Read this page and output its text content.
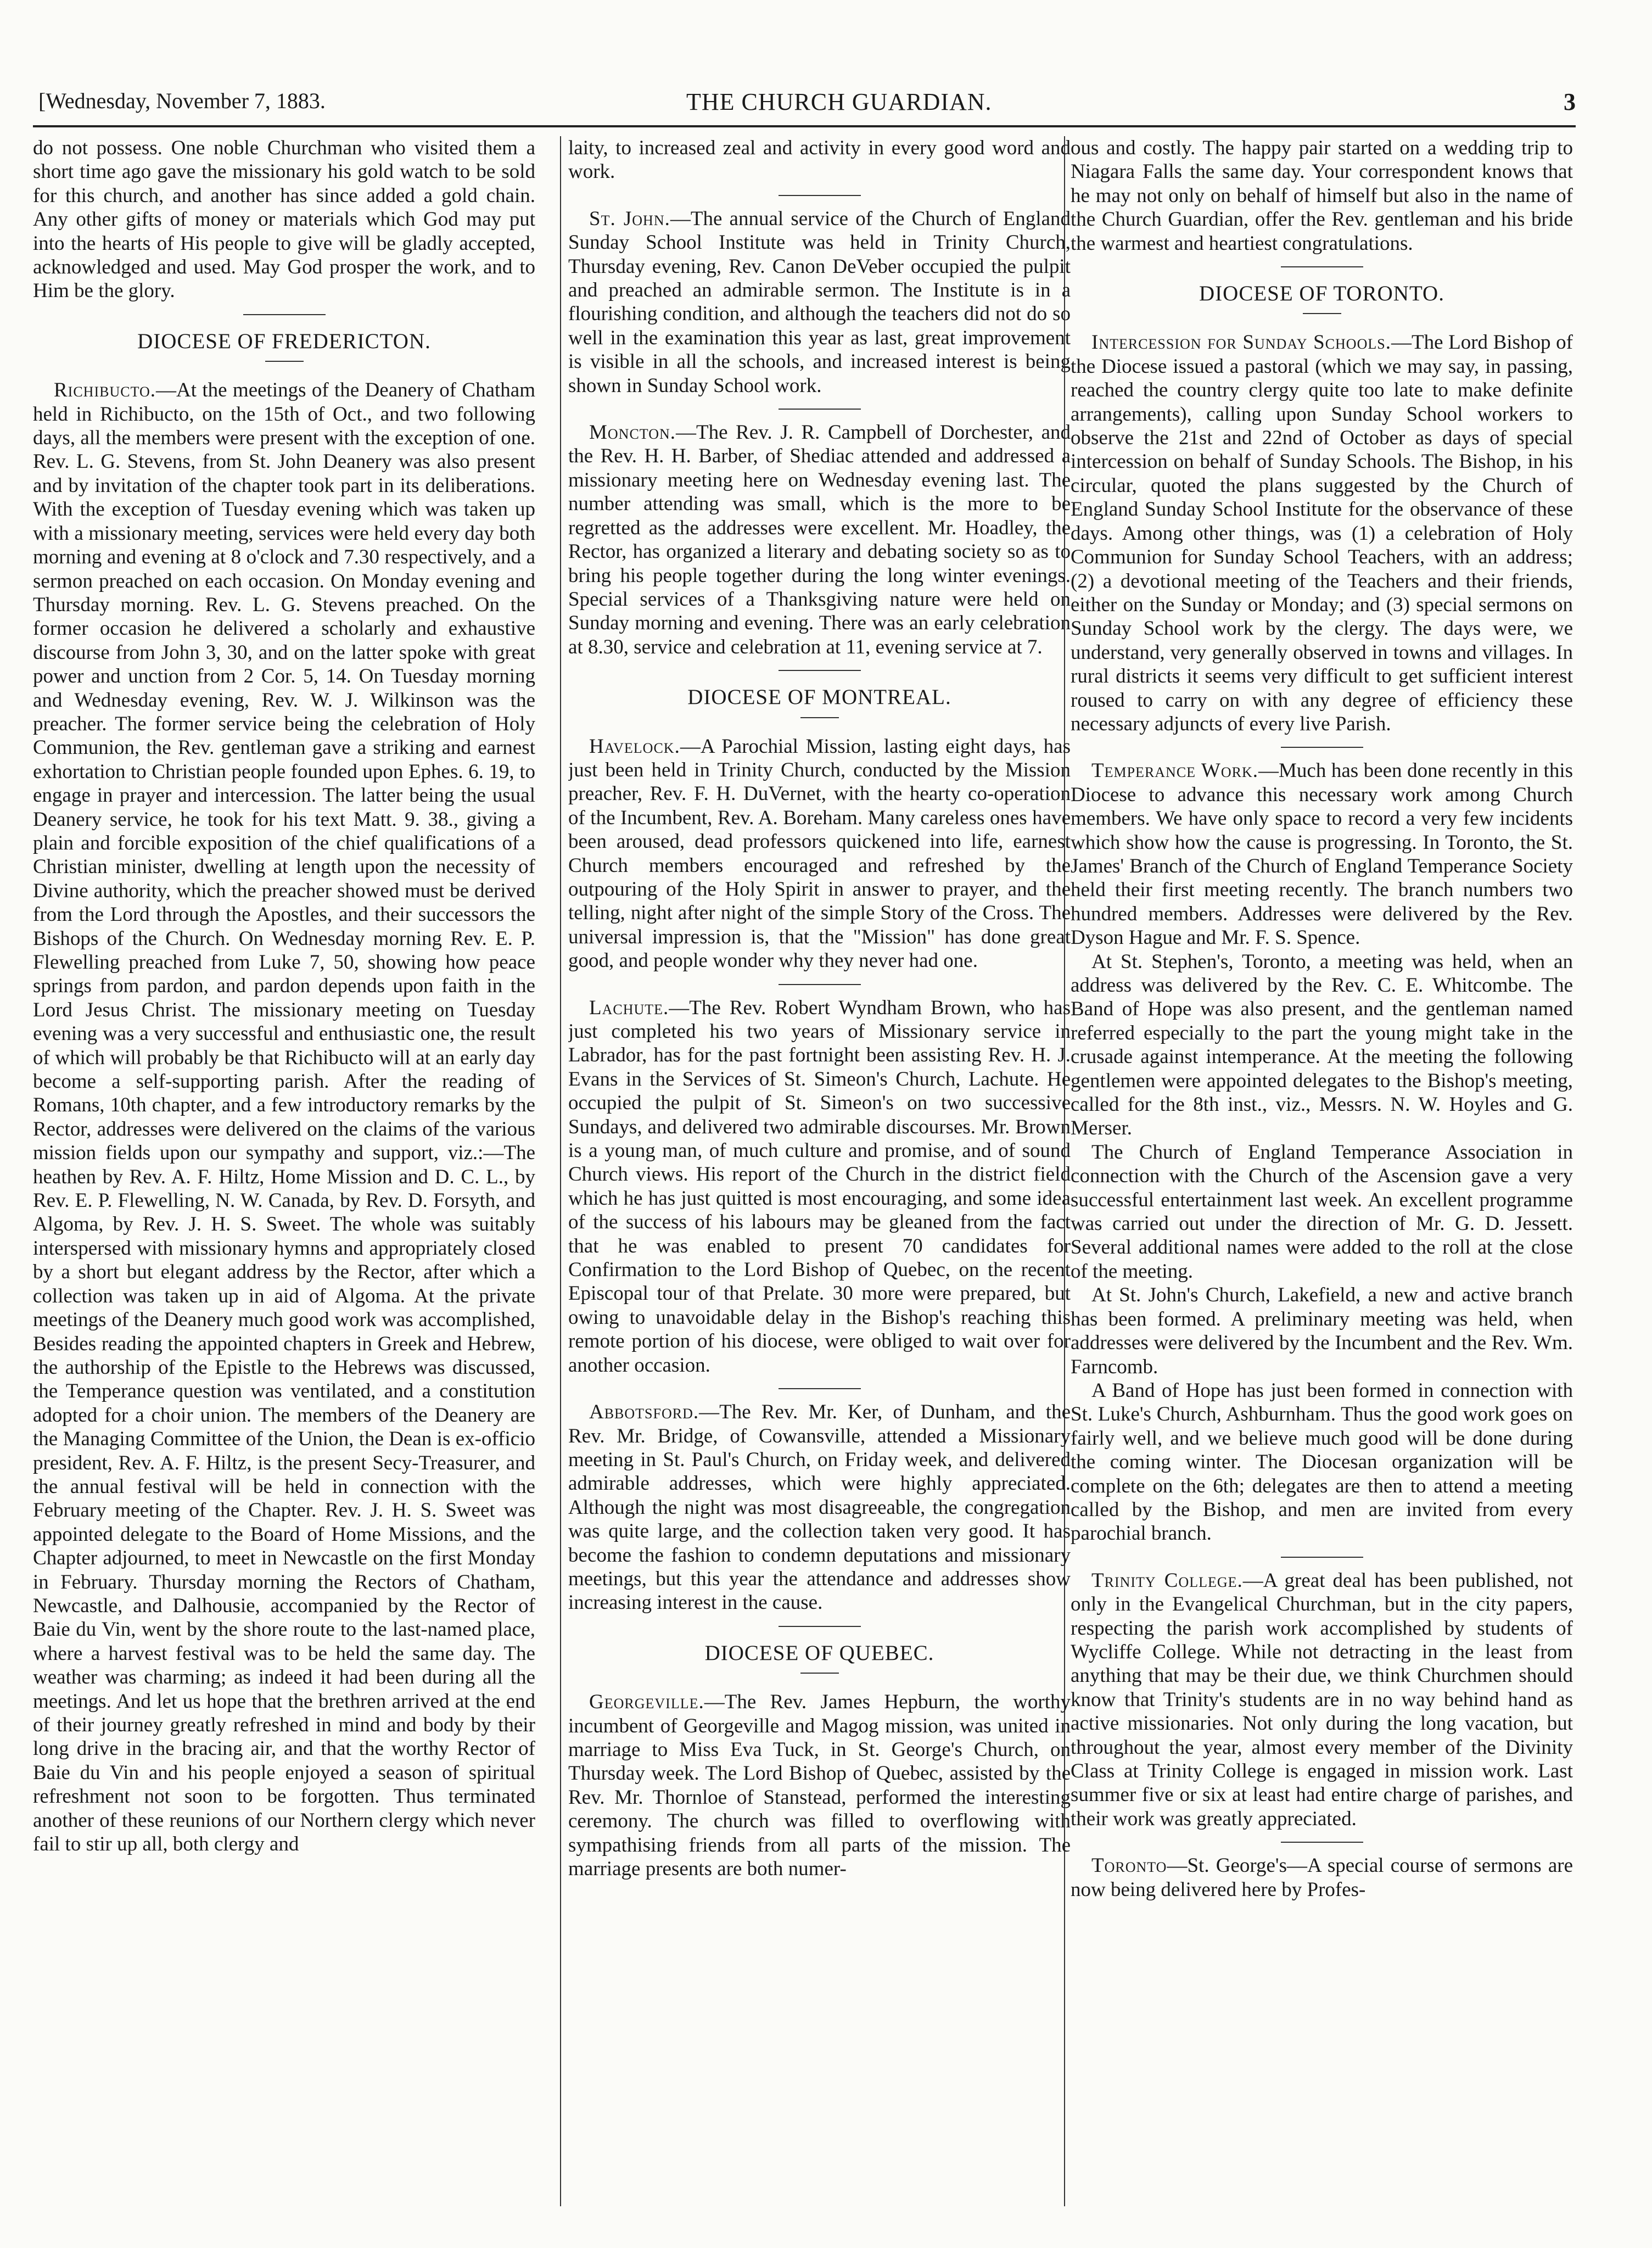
[Wednesday, November 7, 1883.	THE CHURCH GUARDIAN.	3

do not possess. One noble Churchman who visited them a short time ago gave the missionary his gold watch to be sold for this church, and another has since added a gold chain. Any other gifts of money or materials which God may put into the hearts of His people to give will be gladly accepted, acknowledged and used. May God prosper the work, and to Him be the glory.

DIOCESE OF FREDERICTON.

Richibucto.—At the meetings of the Deanery of Chatham held in Richibucto, on the 15th of Oct., and two following days, all the members were present with the exception of one. Rev. L. G. Stevens, from St. John Deanery was also present and by invitation of the chapter took part in its deliberations. With the exception of Tuesday evening which was taken up with a missionary meeting, services were held every day both morning and evening at 8 o'clock and 7.30 respectively, and a sermon preached on each occasion. On Monday evening and Thursday morning. Rev. L. G. Stevens preached. On the former occasion he delivered a scholarly and exhaustive discourse from John 3, 30, and on the latter spoke with great power and unction from 2 Cor. 5, 14. On Tuesday morning and Wednesday evening, Rev. W. J. Wilkinson was the preacher. The former service being the celebration of Holy Communion, the Rev. gentleman gave a striking and earnest exhortation to Christian people founded upon Ephes. 6. 19, to engage in prayer and intercession. The latter being the usual Deanery service, he took for his text Matt. 9. 38., giving a plain and forcible exposition of the chief qualifications of a Christian minister, dwelling at length upon the necessity of Divine authority, which the preacher showed must be derived from the Lord through the Apostles, and their successors the Bishops of the Church. On Wednesday morning Rev. E. P. Flewelling preached from Luke 7, 50, showing how peace springs from pardon, and pardon depends upon faith in the Lord Jesus Christ. The missionary meeting on Tuesday evening was a very successful and enthusiastic one, the result of which will probably be that Richibucto will at an early day become a self-supporting parish. After the reading of Romans, 10th chapter, and a few introductory remarks by the Rector, addresses were delivered on the claims of the various mission fields upon our sympathy and support, viz.:—The heathen by Rev. A. F. Hiltz, Home Mission and D. C. L., by Rev. E. P. Flewelling, N. W. Canada, by Rev. D. Forsyth, and Algoma, by Rev. J. H. S. Sweet. The whole was suitably interspersed with missionary hymns and appropriately closed by a short but elegant address by the Rector, after which a collection was taken up in aid of Algoma. At the private meetings of the Deanery much good work was accomplished, Besides reading the appointed chapters in Greek and Hebrew, the authorship of the Epistle to the Hebrews was discussed, the Temperance question was ventilated, and a constitution adopted for a choir union. The members of the Deanery are the Managing Committee of the Union, the Dean is ex-officio president, Rev. A. F. Hiltz, is the present Secy-Treasurer, and the annual festival will be held in connection with the February meeting of the Chapter. Rev. J. H. S. Sweet was appointed delegate to the Board of Home Missions, and the Chapter adjourned, to meet in Newcastle on the first Monday in February. Thursday morning the Rectors of Chatham, Newcastle, and Dalhousie, accompanied by the Rector of Baie du Vin, went by the shore route to the last-named place, where a harvest festival was to be held the same day. The weather was charming; as indeed it had been during all the meetings. And let us hope that the brethren arrived at the end of their journey greatly refreshed in mind and body by their long drive in the bracing air, and that the worthy Rector of Baie du Vin and his people enjoyed a season of spiritual refreshment not soon to be forgotten. Thus terminated another of these reunions of our Northern clergy which never fail to stir up all, both clergy and

laity, to increased zeal and activity in every good word and work.

St. John.—The annual service of the Church of England Sunday School Institute was held in Trinity Church, Thursday evening, Rev. Canon DeVeber occupied the pulpit and preached an admirable sermon. The Institute is in a flourishing condition, and although the teachers did not do so well in the examination this year as last, great improvement is visible in all the schools, and increased interest is being shown in Sunday School work.

Moncton.—The Rev. J. R. Campbell of Dorchester, and the Rev. H. H. Barber, of Shediac attended and addressed a missionary meeting here on Wednesday evening last. The number attending was small, which is the more to be regretted as the addresses were excellent. Mr. Hoadley, the Rector, has organized a literary and debating society so as to bring his people together during the long winter evenings. Special services of a Thanksgiving nature were held on Sunday morning and evening. There was an early celebration at 8.30, service and celebration at 11, evening service at 7.

DIOCESE OF MONTREAL.

Havelock.—A Parochial Mission, lasting eight days, has just been held in Trinity Church, conducted by the Mission preacher, Rev. F. H. DuVernet, with the hearty co-operation of the Incumbent, Rev. A. Boreham. Many careless ones have been aroused, dead professors quickened into life, earnest Church members encouraged and refreshed by the outpouring of the Holy Spirit in answer to prayer, and the telling, night after night of the simple Story of the Cross. The universal impression is, that the "Mission" has done great good, and people wonder why they never had one.

Lachute.—The Rev. Robert Wyndham Brown, who has just completed his two years of Missionary service in Labrador, has for the past fortnight been assisting Rev. H. J. Evans in the Services of St. Simeon's Church, Lachute. He occupied the pulpit of St. Simeon's on two successive Sundays, and delivered two admirable discourses. Mr. Brown is a young man, of much culture and promise, and of sound Church views. His report of the Church in the district field which he has just quitted is most encouraging, and some idea of the success of his labours may be gleaned from the fact that he was enabled to present 70 candidates for Confirmation to the Lord Bishop of Quebec, on the recent Episcopal tour of that Prelate. 30 more were prepared, but owing to unavoidable delay in the Bishop's reaching this remote portion of his diocese, were obliged to wait over for another occasion.

Abbotsford.—The Rev. Mr. Ker, of Dunham, and the Rev. Mr. Bridge, of Cowansville, attended a Missionary meeting in St. Paul's Church, on Friday week, and delivered admirable addresses, which were highly appreciated. Although the night was most disagreeable, the congregation was quite large, and the collection taken very good. It has become the fashion to condemn deputations and missionary meetings, but this year the attendance and addresses show increasing interest in the cause.

DIOCESE OF QUEBEC.

Georgeville.—The Rev. James Hepburn, the worthy incumbent of Georgeville and Magog mission, was united in marriage to Miss Eva Tuck, in St. George's Church, on Thursday week. The Lord Bishop of Quebec, assisted by the Rev. Mr. Thornloe of Stanstead, performed the interesting ceremony. The church was filled to overflowing with sympathising friends from all parts of the mission. The marriage presents are both numer-

ous and costly. The happy pair started on a wedding trip to Niagara Falls the same day. Your correspondent knows that he may not only on behalf of himself but also in the name of the Church Guardian, offer the Rev. gentleman and his bride the warmest and heartiest congratulations.

DIOCESE OF TORONTO.

Intercession for Sunday Schools.—The Lord Bishop of the Diocese issued a pastoral (which we may say, in passing, reached the country clergy quite too late to make definite arrangements), calling upon Sunday School workers to observe the 21st and 22nd of October as days of special intercession on behalf of Sunday Schools. The Bishop, in his circular, quoted the plans suggested by the Church of England Sunday School Institute for the observance of these days. Among other things, was (1) a celebration of Holy Communion for Sunday School Teachers, with an address; (2) a devotional meeting of the Teachers and their friends, either on the Sunday or Monday; and (3) special sermons on Sunday School work by the clergy. The days were, we understand, very generally observed in towns and villages. In rural districts it seems very difficult to get sufficient interest roused to carry on with any degree of efficiency these necessary adjuncts of every live Parish.

Temperance Work.—Much has been done recently in this Diocese to advance this necessary work among Church members. We have only space to record a very few incidents which show how the cause is progressing. In Toronto, the St. James' Branch of the Church of England Temperance Society held their first meeting recently. The branch numbers two hundred members. Addresses were delivered by the Rev. Dyson Hague and Mr. F. S. Spence.

At St. Stephen's, Toronto, a meeting was held, when an address was delivered by the Rev. C. E. Whitcombe. The Band of Hope was also present, and the gentleman named referred especially to the part the young might take in the crusade against intemperance. At the meeting the following gentlemen were appointed delegates to the Bishop's meeting, called for the 8th inst., viz., Messrs. N. W. Hoyles and G. Merser.

The Church of England Temperance Association in connection with the Church of the Ascension gave a very successful entertainment last week. An excellent programme was carried out under the direction of Mr. G. D. Jessett. Several additional names were added to the roll at the close of the meeting.

At St. John's Church, Lakefield, a new and active branch has been formed. A preliminary meeting was held, when addresses were delivered by the Incumbent and the Rev. Wm. Farncomb.

A Band of Hope has just been formed in connection with St. Luke's Church, Ashburnham. Thus the good work goes on fairly well, and we believe much good will be done during the coming winter. The Diocesan organization will be complete on the 6th; delegates are then to attend a meeting called by the Bishop, and men are invited from every parochial branch.

Trinity College.—A great deal has been published, not only in the Evangelical Churchman, but in the city papers, respecting the parish work accomplished by students of Wycliffe College. While not detracting in the least from anything that may be their due, we think Churchmen should know that Trinity's students are in no way behind hand as active missionaries. Not only during the long vacation, but throughout the year, almost every member of the Divinity Class at Trinity College is engaged in mission work. Last summer five or six at least had entire charge of parishes, and their work was greatly appreciated.

Toronto—St. George's—A special course of sermons are now being delivered here by Profes-
